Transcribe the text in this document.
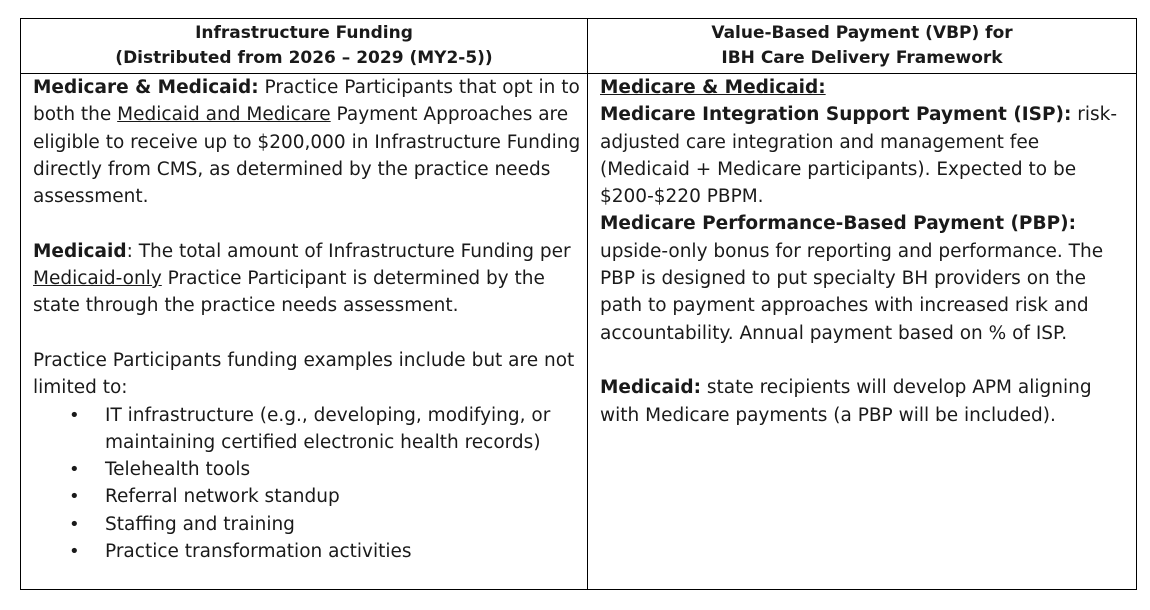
Infrastructure Funding
(Distributed from 2026 – 2029 (MY2-5))
Value-Based Payment (VBP) for
IBH Care Delivery Framework

Medicare & Medicaid: Practice Participants that opt in to both the Medicaid and Medicare Payment Approaches are eligible to receive up to $200,000 in Infrastructure Funding directly from CMS, as determined by the practice needs assessment.

Medicaid: The total amount of Infrastructure Funding per Medicaid-only Practice Participant is determined by the state through the practice needs assessment.

Practice Participants funding examples include but are not limited to:

• IT infrastructure (e.g., developing, modifying, or maintaining certified electronic health records)
• Telehealth tools
• Referral network standup
• Staffing and training
• Practice transformation activities

Medicare & Medicaid:

Medicare Integration Support Payment (ISP): risk-adjusted care integration and management fee (Medicaid + Medicare participants). Expected to be $200-$220 PBPM.

Medicare Performance-Based Payment (PBP): upside-only bonus for reporting and performance. The PBP is designed to put specialty BH providers on the path to payment approaches with increased risk and accountability. Annual payment based on % of ISP.

Medicaid: state recipients will develop APM aligning with Medicare payments (a PBP will be included).
